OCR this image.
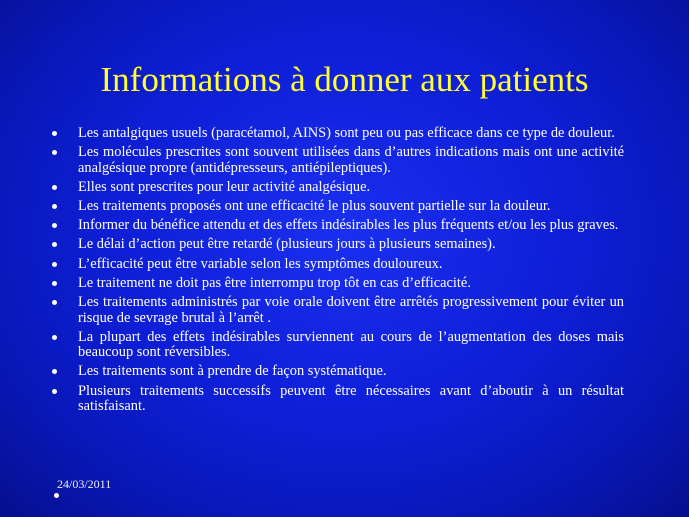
Informations à donner aux patients
Les antalgiques usuels (paracétamol, AINS) sont peu ou pas efficace dans ce type de douleur.
Les molécules prescrites sont souvent utilisées dans d’autres indications mais ont une activité analgésique propre (antidépresseurs, antiépileptiques).
Elles sont prescrites pour leur activité analgésique.
Les traitements proposés ont une efficacité le plus souvent partielle sur la douleur.
Informer du bénéfice attendu et des effets indésirables les plus fréquents et/ou les plus graves.
Le délai d’action peut être retardé (plusieurs jours à plusieurs semaines).
L’efficacité peut être variable selon les symptômes douloureux.
Le traitement ne doit pas être interrompu trop tôt en cas d’efficacité.
Les traitements administrés par voie orale doivent être arrêtés progressivement pour éviter un risque de sevrage brutal à l’arrêt .
La plupart des effets indésirables surviennent au cours de l’augmentation des doses mais beaucoup sont réversibles.
Les traitements sont à prendre de façon systématique.
Plusieurs traitements successifs peuvent être nécessaires avant d’aboutir à un résultat satisfaisant.
24/03/2011
